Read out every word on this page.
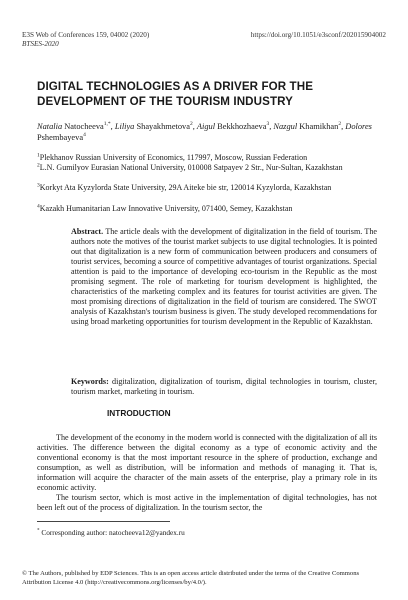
E3S Web of Conferences 159, 04002 (2020)	https://doi.org/10.1051/e3sconf/202015904002
BTSES-2020
DIGITAL TECHNOLOGIES AS A DRIVER FOR THE DEVELOPMENT OF THE TOURISM INDUSTRY
Natalia Natocheeva$^{1,*}$, Liliya Shayakhmetova$^2$, Aigul Bekkhozhaeva$^3$, Nazgul Khamikhan$^2$, Dolores Pshembayeva$^4$
$^1$Plekhanov Russian University of Economics, 117997, Moscow, Russian Federation
$^2$L.N. Gumilyov Eurasian National University, 010008 Satpayev 2 Str., Nur-Sultan, Kazakhstan
$^3$Korkyt Ata Kyzylorda State University, 29A Aiteke bie str, 120014 Kyzylorda, Kazakhstan
$^4$Kazakh Humanitarian Law Innovative University, 071400, Semey, Kazakhstan
Abstract. The article deals with the development of digitalization in the field of tourism. The authors note the motives of the tourist market subjects to use digital technologies. It is pointed out that digitalization is a new form of communication between producers and consumers of tourist services, becoming a source of competitive advantages of tourist organizations. Special attention is paid to the importance of developing eco-tourism in the Republic as the most promising segment. The role of marketing for tourism development is highlighted, the characteristics of the marketing complex and its features for tourist activities are given. The most promising directions of digitalization in the field of tourism are considered. The SWOT analysis of Kazakhstan's tourism business is given. The study developed recommendations for using broad marketing opportunities for tourism development in the Republic of Kazakhstan.
Keywords: digitalization, digitalization of tourism, digital technologies in tourism, cluster, tourism market, marketing in tourism.
INTRODUCTION

The development of the economy in the modern world is connected with the digitalization of all its activities. The difference between the digital economy as a type of economic activity and the conventional economy is that the most important resource in the sphere of production, exchange and consumption, as well as distribution, will be information and methods of managing it. That is, information will acquire the character of the main assets of the enterprise, play a primary role in its economic activity.

The tourism sector, which is most active in the implementation of digital technologies, has not been left out of the process of digitalization. In the tourism sector, the

* Corresponding author: natocheeva12@yandex.ru
© The Authors, published by EDP Sciences. This is an open access article distributed under the terms of the Creative Commons Attribution License 4.0 (http://creativecommons.org/licenses/by/4.0/).
